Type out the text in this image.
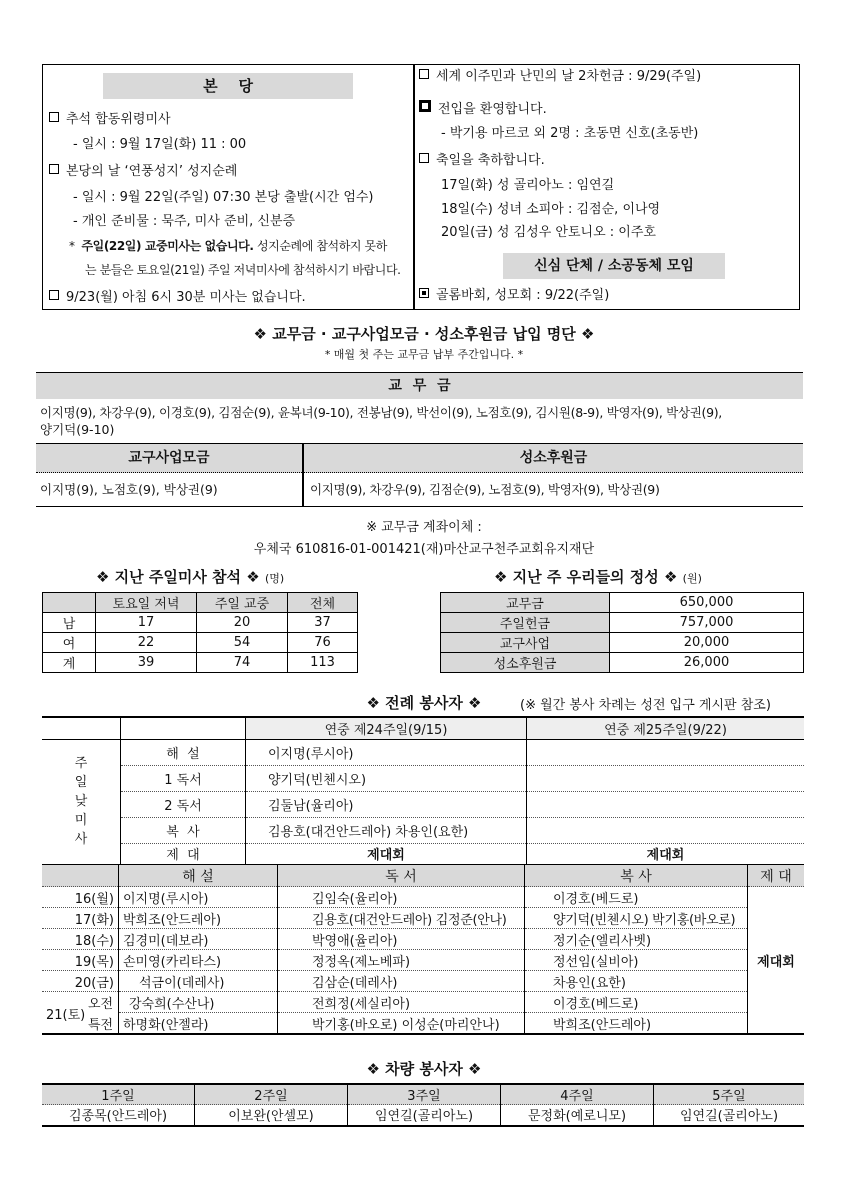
본    당
추석 합동위령미사
- 일시 : 9월 17일(화) 11 : 00
본당의 날 ‘연풍성지’ 성지순례
- 일시 : 9월 22일(주일) 07:30 본당 출발(시간 엄수)
- 개인 준비물 : 묵주, 미사 준비, 신분증
*  주일(22일) 교중미사는 없습니다. 성지순례에 참석하지 못하
는 분들은 토요일(21일) 주일 저녁미사에 참석하시기 바랍니다.
9/23(월) 아침 6시 30분 미사는 없습니다.
세계 이주민과 난민의 날 2차헌금 : 9/29(주일)
전입을 환영합니다.
- 박기용 마르코 외 2명 : 초동면 신호(초동반)
축일을 축하합니다.
17일(화) 성 골리아노 : 임연길
18일(수) 성녀 소피아 : 김점순, 이나영
20일(금) 성 김성우 안토니오 : 이주호
신심 단체 / 소공동체 모임
골롬바회, 성모회 : 9/22(주일)
❖ 교무금 · 교구사업모금 · 성소후원금 납입 명단 ❖
* 매월 첫 주는 교무금 납부 주간입니다. *
교 무 금
이지명(9), 차강우(9), 이경호(9), 김점순(9), 윤복녀(9-10), 전봉남(9), 박선이(9), 노점호(9), 김시원(8-9), 박영자(9), 박상권(9),
양기덕(9-10)
교구사업모금	성소후원금
이지명(9), 노점호(9), 박상권(9)	이지명(9), 차강우(9), 김점순(9), 노점호(9), 박영자(9), 박상권(9)
※ 교무금 계좌이체 :
우체국 610816-01-001421(재)마산교구천주교회유지재단
❖ 지난 주일미사 참석 ❖ (명)
	토요일 저녁	주일 교중	전체
남	17	20	37
여	22	54	76
계	39	74	113
❖ 지난 주 우리들의 정성 ❖ (원)
교무금	650,000
주일헌금	757,000
교구사업	20,000
성소후원금	26,000
❖ 전례 봉사자 ❖	(※ 월간 봉사 차례는 성전 입구 게시판 참조)
		연중 제24주일(9/15)	연중 제25주일(9/22)

주
일
낮
미
사	해  설	이지명(루시아)	
	1 독서	양기덕(빈첸시오)	
	2 독서	김둘남(율리아)	
	복  사	김용호(대건안드레아) 차용인(요한)	
	제  대	제대회	제대회
	해 설	독 서	복 사	제 대
16(월)	이지명(루시아)	김임숙(율리아)	이경호(베드로)	제대회
17(화)	박희조(안드레아)	김용호(대건안드레아) 김정준(안나)	양기덕(빈첸시오) 박기홍(바오로)	
18(수)	김경미(데보라)	박영애(율리아)	정기순(엘리사벳)	
19(목)	손미영(카리타스)	정정옥(제노베파)	정선임(실비아)	
20(금)	석금이(데레사)	김삼순(데레사)	차용인(요한)	

21(토)
오전	강숙희(수산나)	전희정(세실리아)	이경호(베드로)	

특전	하명화(안젤라)	박기홍(바오로) 이성순(마리안나)	박희조(안드레아)	
❖ 차량 봉사자 ❖
1주일	2주일	3주일	4주일	5주일
김종목(안드레아)	이보완(안셀모)	임연길(골리아노)	문정화(예로니모)	임연길(골리아노)
